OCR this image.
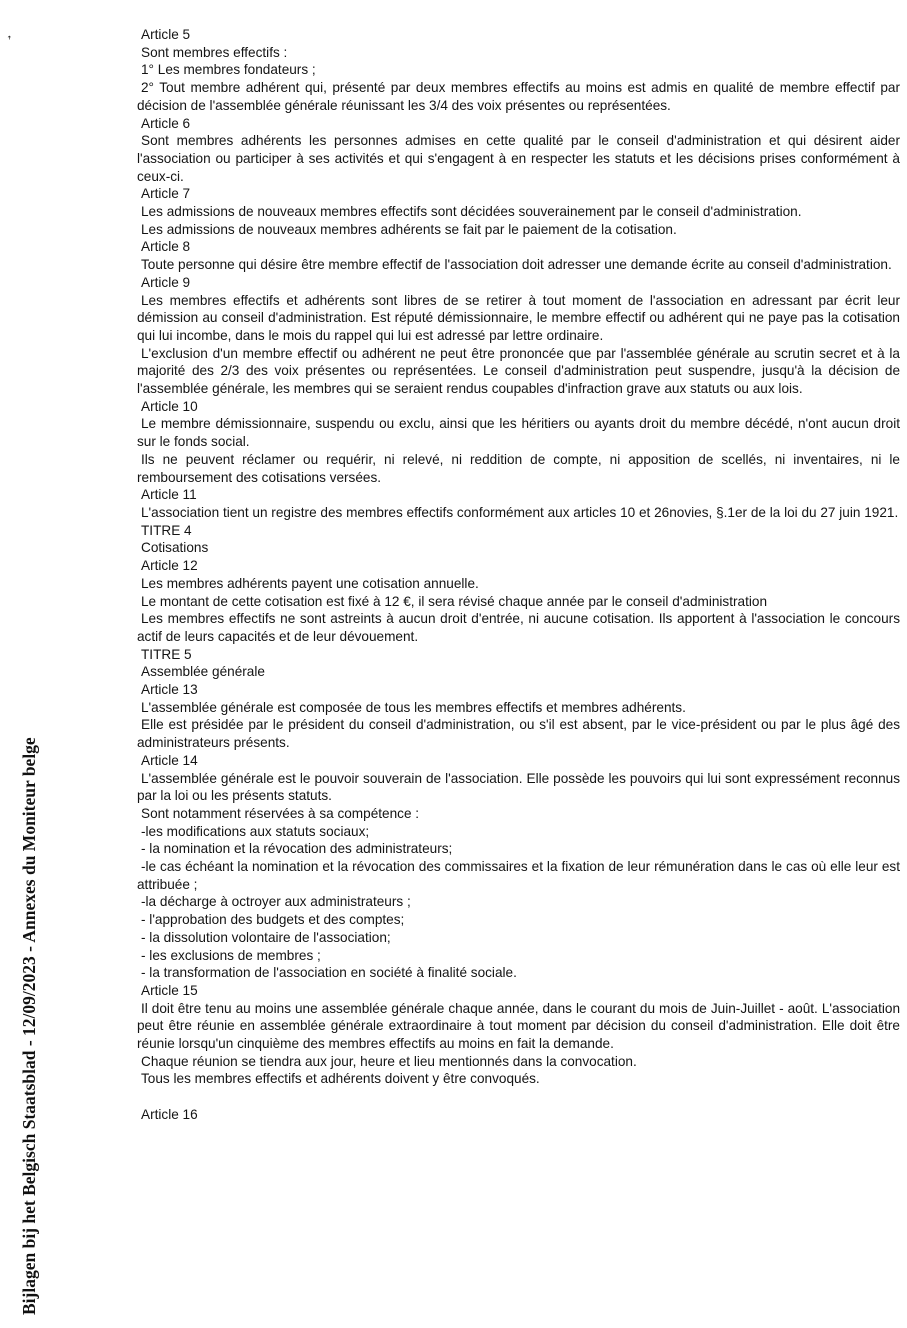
ꜛ
Bijlagen bij het Belgisch Staatsblad - 12/09/2023 - Annexes du Moniteur belge

Article 5

Sont membres effectifs :

1° Les membres fondateurs ;

2° Tout membre adhérent qui, présenté par deux membres effectifs au moins est admis en qualité de membre effectif par décision de l'assemblée générale réunissant les 3/4 des voix présentes ou représentées.

Article 6

Sont membres adhérents les personnes admises en cette qualité par le conseil d'administration et qui désirent aider l'association ou participer à ses activités et qui s'engagent à en respecter les statuts et les décisions prises conformément à ceux-ci.

Article 7

Les admissions de nouveaux membres effectifs sont décidées souverainement par le conseil d'administration.

Les admissions de nouveaux membres adhérents se fait par le paiement de la cotisation.

Article 8

Toute personne qui désire être membre effectif de l'association doit adresser une demande écrite au conseil d'administration.

Article 9

Les membres effectifs et adhérents sont libres de se retirer à tout moment de l'association en adressant par écrit leur démission au conseil d'administration. Est réputé démissionnaire, le membre effectif ou adhérent qui ne paye pas la cotisation qui lui incombe, dans le mois du rappel qui lui est adressé par lettre ordinaire.

L'exclusion d'un membre effectif ou adhérent ne peut être prononcée que par l'assemblée générale au scrutin secret et à la majorité des 2/3 des voix présentes ou représentées. Le conseil d'administration peut suspendre, jusqu'à la décision de l'assemblée générale, les membres qui se seraient rendus coupables d'infraction grave aux statuts ou aux lois.

Article 10

Le membre démissionnaire, suspendu ou exclu, ainsi que les héritiers ou ayants droit du membre décédé, n'ont aucun droit sur le fonds social.

Ils ne peuvent réclamer ou requérir, ni relevé, ni reddition de compte, ni apposition de scellés, ni inventaires, ni le remboursement des cotisations versées.

Article 11

L'association tient un registre des membres effectifs conformément aux articles 10 et 26novies, §.1er de la loi du 27 juin 1921.

TITRE 4

Cotisations

Article 12

Les membres adhérents payent une cotisation annuelle.

Le montant de cette cotisation est fixé à 12 €, il sera révisé chaque année par le conseil d'administration

Les membres effectifs ne sont astreints à aucun droit d'entrée, ni aucune cotisation. Ils apportent à l'association le concours actif de leurs capacités et de leur dévouement.

TITRE 5

Assemblée générale

Article 13

L'assemblée générale est composée de tous les membres effectifs et membres adhérents.

Elle est présidée par le président du conseil d'administration, ou s'il est absent, par le vice-président ou par le plus âgé des administrateurs présents.

Article 14

L'assemblée générale est le pouvoir souverain de l'association. Elle possède les pouvoirs qui lui sont expressément reconnus par la loi ou les présents statuts.

Sont notamment réservées à sa compétence :

-les modifications aux statuts sociaux;

- la nomination et la révocation des administrateurs;

-le cas échéant la nomination et la révocation des commissaires et la fixation de leur rémunération dans le cas où elle leur est attribuée ;

-la décharge à octroyer aux administrateurs ;

- l'approbation des budgets et des comptes;

- la dissolution volontaire de l'association;

- les exclusions de membres ;

- la transformation de l'association en société à finalité sociale.

Article 15

Il doit être tenu au moins une assemblée générale chaque année, dans le courant du mois de Juin-Juillet - août. L'association peut être réunie en assemblée générale extraordinaire à tout moment par décision du conseil d'administration. Elle doit être réunie lorsqu'un cinquième des membres effectifs au moins en fait la demande.

Chaque réunion se tiendra aux jour, heure et lieu mentionnés dans la convocation.

Tous les membres effectifs et adhérents doivent y être convoqués.

Article 16
